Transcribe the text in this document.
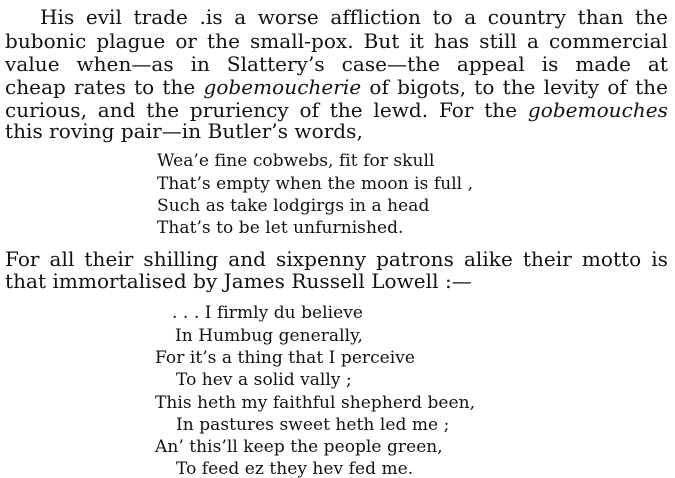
His evil trade .is a worse affliction to a country than the
bubonic plague or the small-pox. But it has still a commercial
value when—as in Slattery’s case—the appeal is made at
cheap rates to the gobemoucherie of bigots, to the levity of the
curious, and the pruriency of the lewd. For the gobemouches
this roving pair—in Butler’s words,
Wea’e fine cobwebs, fit for skull
That’s empty when the moon is full ,
Such as take lodgirgs in a head
That’s to be let unfurnished.
For all their shilling and sixpenny patrons alike their motto is
that immortalised by James Russell Lowell :—
. . . I firmly du believe
In Humbug generally,
For it’s a thing that I perceive
To hev a solid vally ;
This heth my faithful shepherd been,
In pastures sweet heth led me ;
An’ this’ll keep the people green,
To feed ez they hev fed me.
